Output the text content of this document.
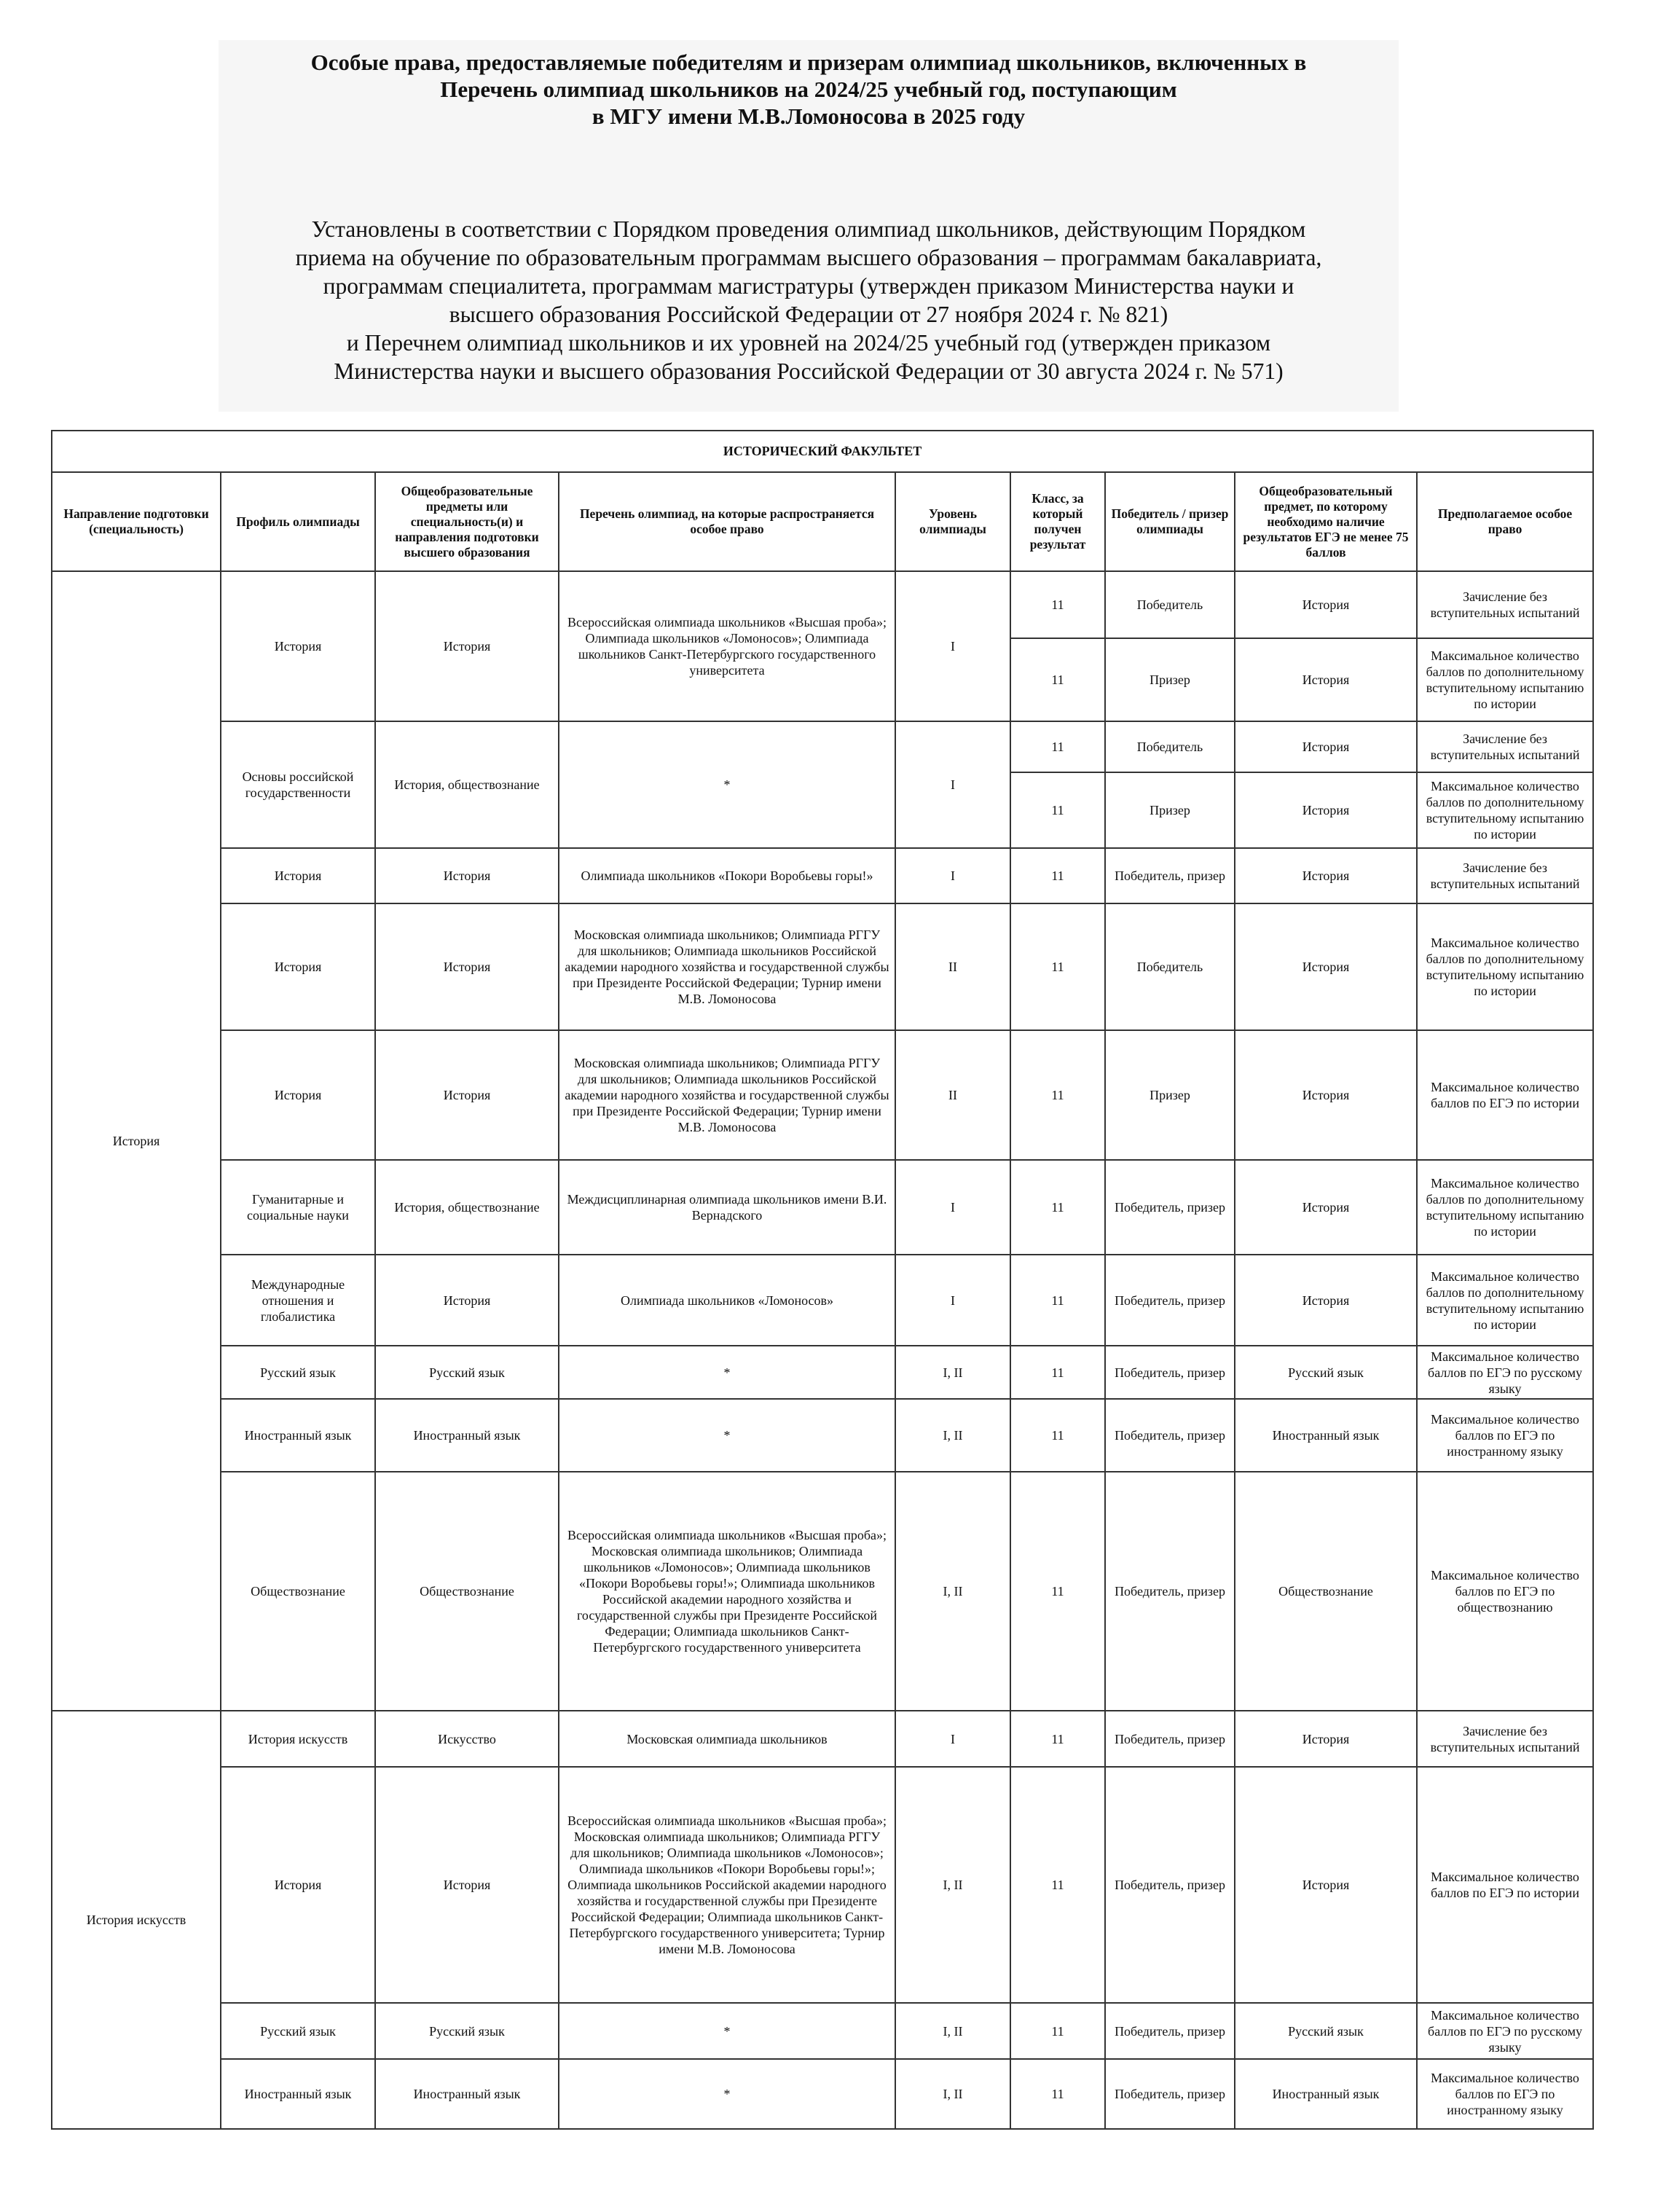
Особые права, предоставляемые победителям и призерам олимпиад школьников, включенных в
Перечень олимпиад школьников на 2024/25 учебный год, поступающим
в МГУ имени М.В.Ломоносова в 2025 году
Установлены в соответствии с Порядком проведения олимпиад школьников, действующим Порядком
приема на обучение по образовательным программам высшего образования – программам бакалавриата,
программам специалитета, программам магистратуры (утвержден приказом Министерства науки и
высшего образования Российской Федерации от 27 ноября 2024 г. № 821)
и Перечнем олимпиад школьников и их уровней на 2024/25 учебный год (утвержден приказом
Министерства науки и высшего образования Российской Федерации от 30 августа 2024 г. № 571)
ИСТОРИЧЕСКИЙ ФАКУЛЬТЕТ								
Направление подготовки (специальность)	Профиль олимпиады	Общеобразовательные предметы или специальность(и) и направления подготовки высшего образования	Перечень олимпиад, на которые распространяется особое право	Уровень олимпиады	Класс, за который получен результат	Победитель / призер олимпиады	Общеобразовательный предмет, по которому необходимо наличие результатов ЕГЭ не менее 75 баллов	Предполагаемое особое право
История	История	История	Всероссийская олимпиада школьников «Высшая проба»; Олимпиада школьников «Ломоносов»; Олимпиада школьников Санкт-Петербургского государственного университета	I	11	Победитель	История	Зачисление без вступительных испытаний
					11	Призер	История	Максимальное количество баллов по дополнительному вступительному испытанию по истории
	Основы российской государственности	История, обществознание	*	I	11	Победитель	История	Зачисление без вступительных испытаний
					11	Призер	История	Максимальное количество баллов по дополнительному вступительному испытанию по истории
	История	История	Олимпиада школьников «Покори Воробьевы горы!»	I	11	Победитель, призер	История	Зачисление без вступительных испытаний
	История	История	Московская олимпиада школьников; Олимпиада РГГУ для школьников; Олимпиада школьников Российской академии народного хозяйства и государственной службы при Президенте Российской Федерации; Турнир имени М.В. Ломоносова	II	11	Победитель	История	Максимальное количество баллов по дополнительному вступительному испытанию по истории
	История	История	Московская олимпиада школьников; Олимпиада РГГУ для школьников; Олимпиада школьников Российской академии народного хозяйства и государственной службы при Президенте Российской Федерации; Турнир имени М.В. Ломоносова	II	11	Призер	История	Максимальное количество баллов по ЕГЭ по истории
	Гуманитарные и социальные науки	История, обществознание	Междисциплинарная олимпиада школьников имени В.И. Вернадского	I	11	Победитель, призер	История	Максимальное количество баллов по дополнительному вступительному испытанию по истории
	Международные отношения и глобалистика	История	Олимпиада школьников «Ломоносов»	I	11	Победитель, призер	История	Максимальное количество баллов по дополнительному вступительному испытанию по истории
	Русский язык	Русский язык	*	I, II	11	Победитель, призер	Русский язык	Максимальное количество баллов по ЕГЭ по русскому языку
	Иностранный язык	Иностранный язык	*	I, II	11	Победитель, призер	Иностранный язык	Максимальное количество баллов по ЕГЭ по иностранному языку
	Обществознание	Обществознание	Всероссийская олимпиада школьников «Высшая проба»; Московская олимпиада школьников; Олимпиада школьников «Ломоносов»; Олимпиада школьников «Покори Воробьевы горы!»; Олимпиада школьников Российской академии народного хозяйства и государственной службы при Президенте Российской Федерации; Олимпиада школьников Санкт-Петербургского государственного университета	I, II	11	Победитель, призер	Обществознание	Максимальное количество баллов по ЕГЭ по обществознанию
История искусств	История искусств	Искусство	Московская олимпиада школьников	I	11	Победитель, призер	История	Зачисление без вступительных испытаний
	История	История	Всероссийская олимпиада школьников «Высшая проба»; Московская олимпиада школьников; Олимпиада РГГУ для школьников; Олимпиада школьников «Ломоносов»; Олимпиада школьников «Покори Воробьевы горы!»; Олимпиада школьников Российской академии народного хозяйства и государственной службы при Президенте Российской Федерации; Олимпиада школьников Санкт-Петербургского государственного университета; Турнир имени М.В. Ломоносова	I, II	11	Победитель, призер	История	Максимальное количество баллов по ЕГЭ по истории
	Русский язык	Русский язык	*	I, II	11	Победитель, призер	Русский язык	Максимальное количество баллов по ЕГЭ по русскому языку
	Иностранный язык	Иностранный язык	*	I, II	11	Победитель, призер	Иностранный язык	Максимальное количество баллов по ЕГЭ по иностранному языку
